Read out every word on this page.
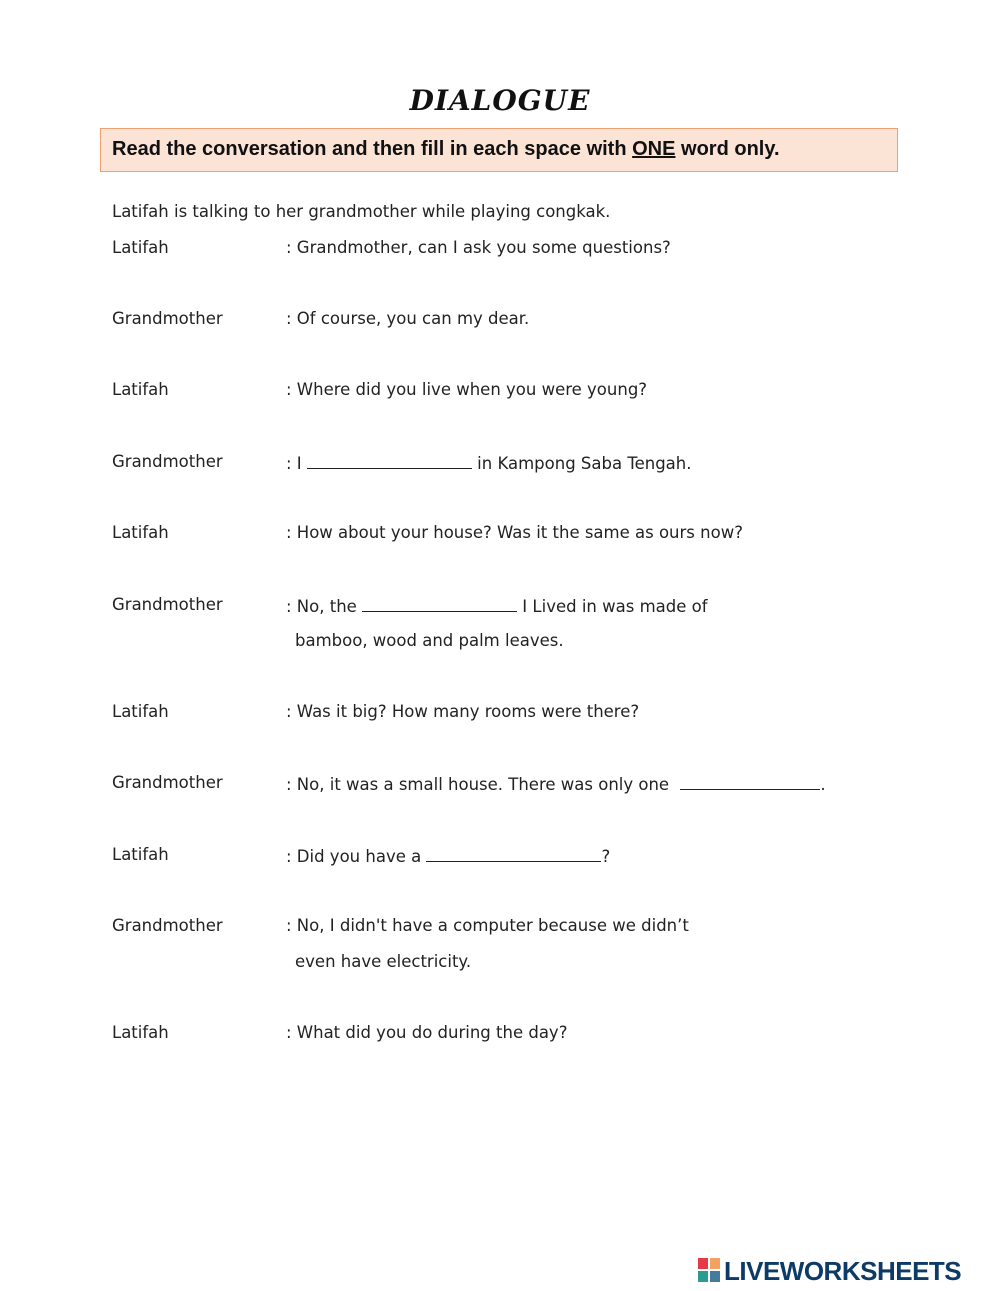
DIALOGUE
Read the conversation and then fill in each space with ONE word only.
Latifah is talking to her grandmother while playing congkak.
Latifah	: Grandmother, can I ask you some questions?
Grandmother	: Of course, you can my dear.
Latifah	: Where did you live when you were young?
Grandmother	: I	in Kampong Saba Tengah.
Latifah	: How about your house? Was it the same as ours now?
Grandmother	: No, the	I Lived in was made of
bamboo, wood and palm leaves.
Latifah	: Was it big? How many rooms were there?
Grandmother	: No, it was a small house. There was only one	.
Latifah	: Did you have a	?
Grandmother	: No, I didn't have a computer because we didn’t
even have electricity.
Latifah	: What did you do during the day?
LIVEWORKSHEETS
